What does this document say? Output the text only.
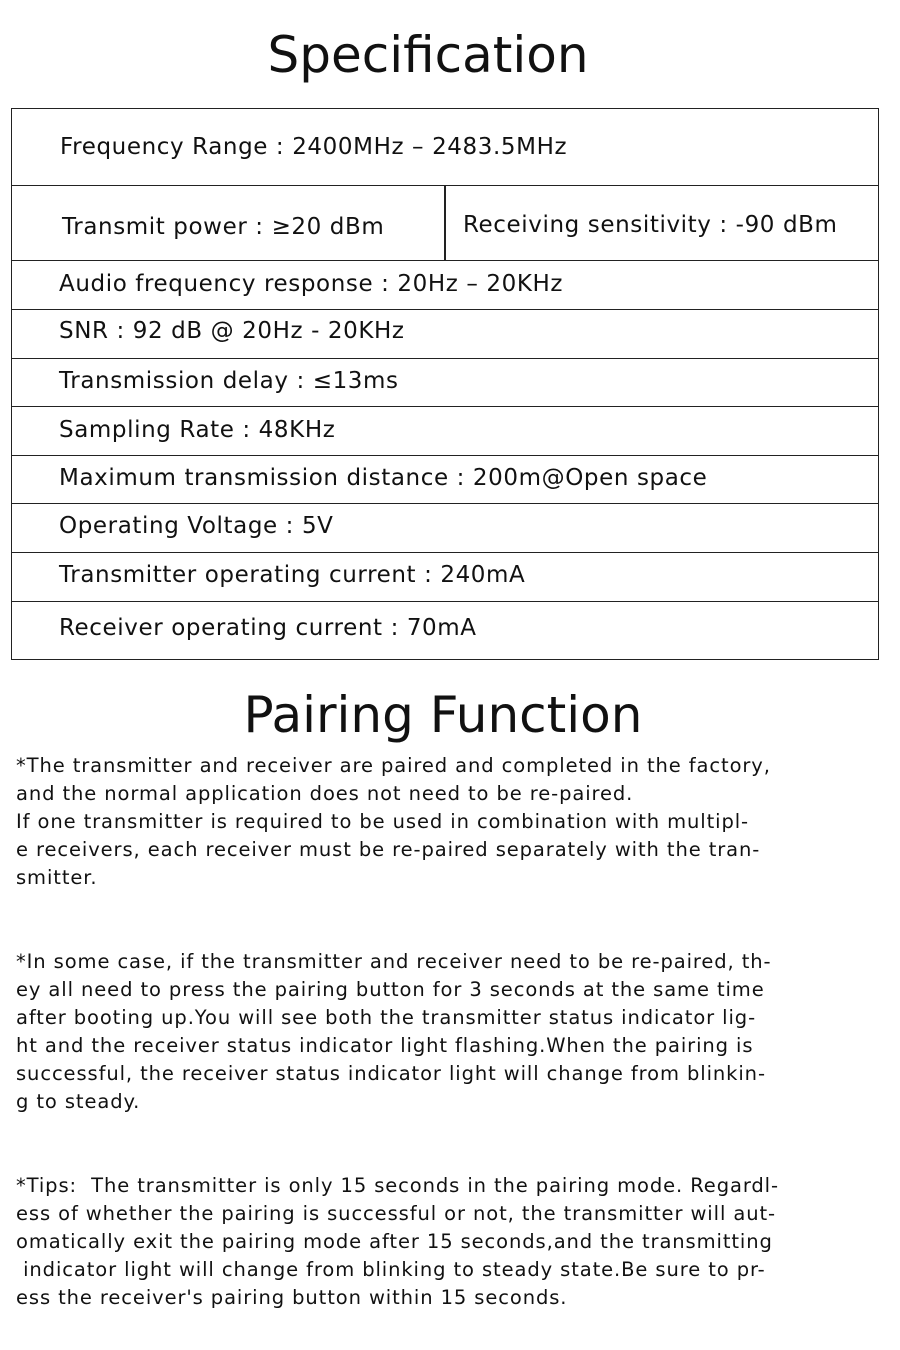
Specification
Frequency Range : 2400MHz – 2483.5MHz
Transmit power : ≥20 dBm	Receiving sensitivity : -90 dBm
Audio frequency response : 20Hz – 20KHz
SNR : 92 dB @ 20Hz - 20KHz
Transmission delay : ≤13ms
Sampling Rate : 48KHz
Maximum transmission distance : 200m@Open space
Operating Voltage : 5V
Transmitter operating current : 240mA
Receiver operating current : 70mA
Pairing Function
*The transmitter and receiver are paired and completed in the factory,
and the normal application does not need to be re-paired.
If one transmitter is required to be used in combination with multipl-
e receivers, each receiver must be re-paired separately with the tran-
smitter.
*In some case, if the transmitter and receiver need to be re-paired, th-
ey all need to press the pairing button for 3 seconds at the same time
after booting up.You will see both the transmitter status indicator lig-
ht and the receiver status indicator light flashing.When the pairing is
successful, the receiver status indicator light will change from blinkin-
g to steady.
*Tips:  The transmitter is only 15 seconds in the pairing mode. Regardl-
ess of whether the pairing is successful or not, the transmitter will aut-
omatically exit the pairing mode after 15 seconds,and the transmitting
indicator light will change from blinking to steady state.Be sure to pr-
ess the receiver's pairing button within 15 seconds.
